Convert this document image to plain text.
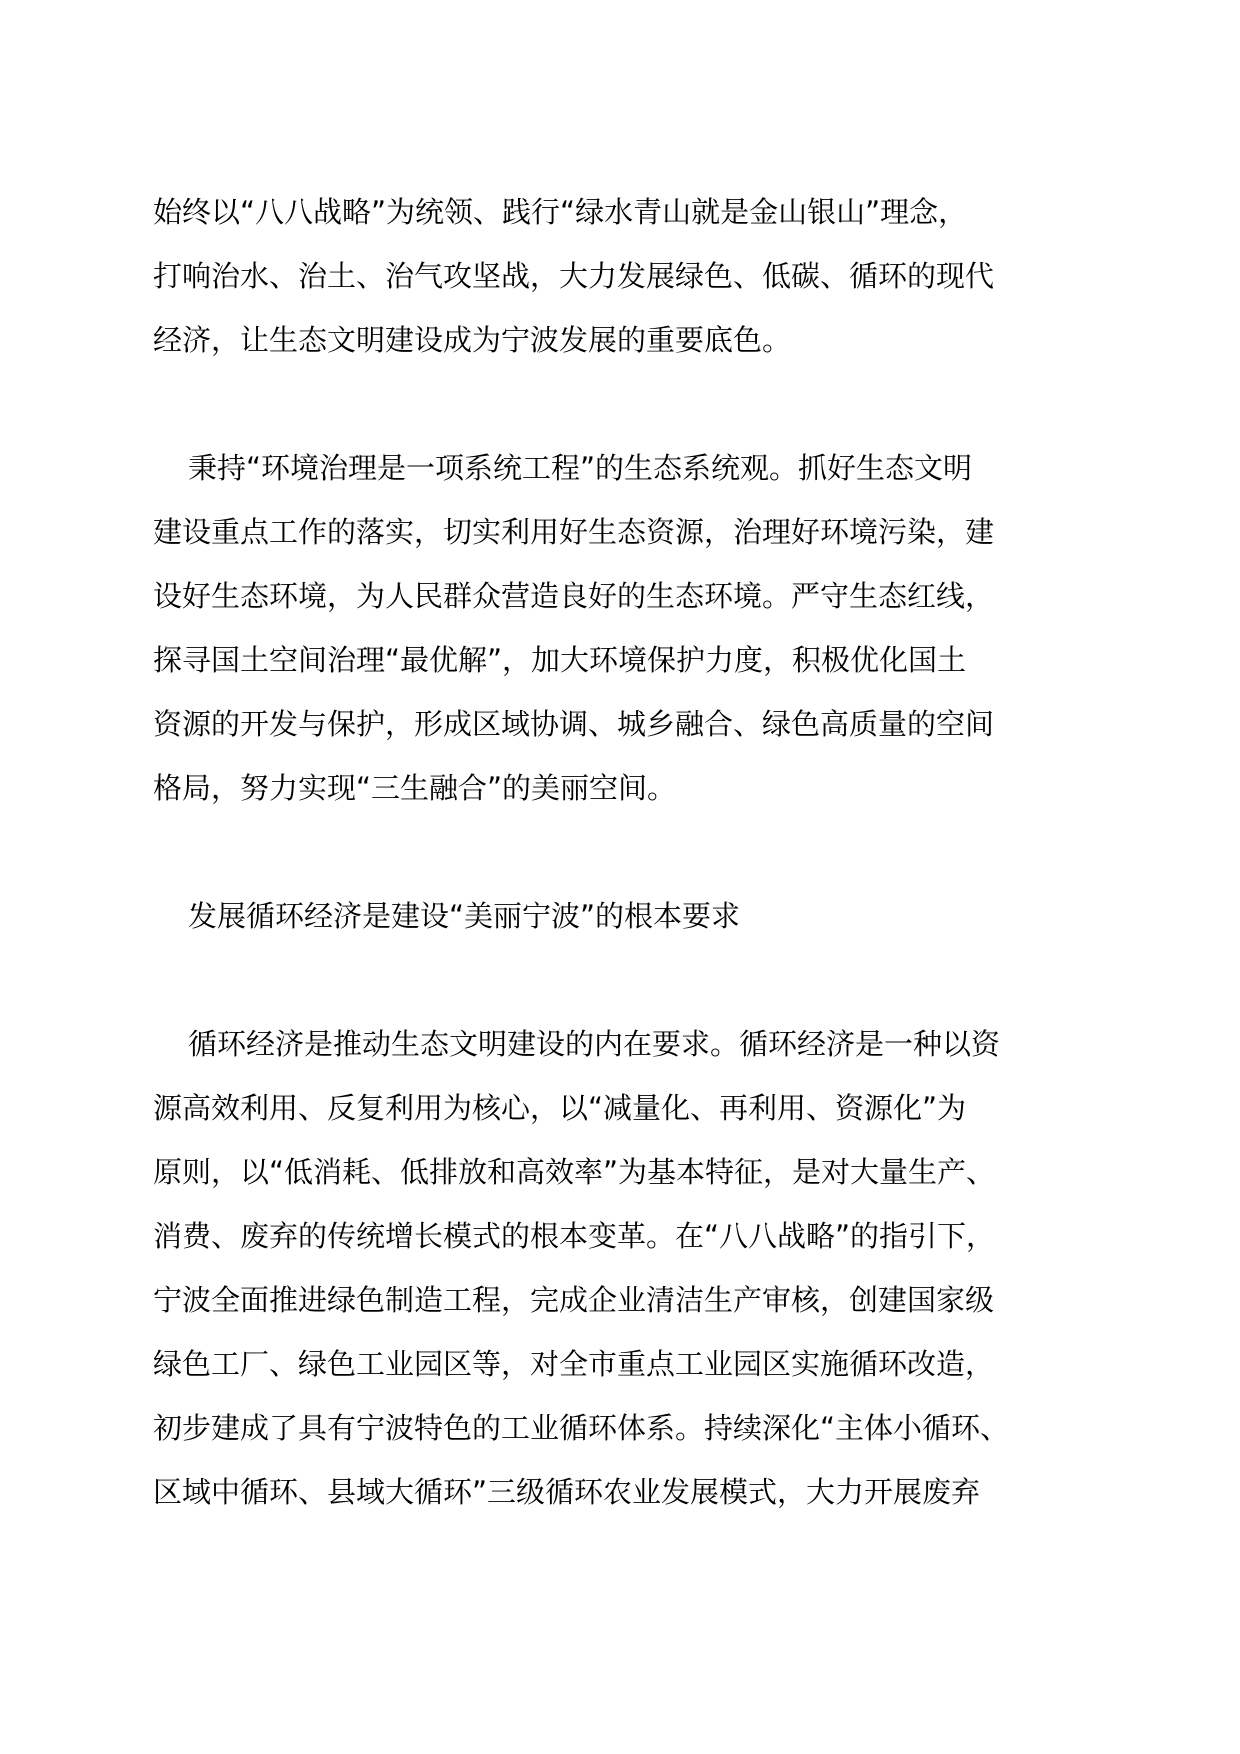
始终以“八八战略”为统领、践行“绿水青山就是金山银山”理念，
打响治水、治土、治气攻坚战，大力发展绿色、低碳、循环的现代
经济，让生态文明建设成为宁波发展的重要底色。
秉持“环境治理是一项系统工程”的生态系统观。抓好生态文明
建设重点工作的落实，切实利用好生态资源，治理好环境污染，建
设好生态环境，为人民群众营造良好的生态环境。严守生态红线，
探寻国土空间治理“最优解”，加大环境保护力度，积极优化国土
资源的开发与保护，形成区域协调、城乡融合、绿色高质量的空间
格局，努力实现“三生融合”的美丽空间。
发展循环经济是建设“美丽宁波”的根本要求
循环经济是推动生态文明建设的内在要求。循环经济是一种以资
源高效利用、反复利用为核心，以“减量化、再利用、资源化”为
原则，以“低消耗、低排放和高效率”为基本特征，是对大量生产、
消费、废弃的传统增长模式的根本变革。在“八八战略”的指引下，
宁波全面推进绿色制造工程，完成企业清洁生产审核，创建国家级
绿色工厂、绿色工业园区等，对全市重点工业园区实施循环改造，
初步建成了具有宁波特色的工业循环体系。持续深化“主体小循环、
区域中循环、县域大循环”三级循环农业发展模式，大力开展废弃
